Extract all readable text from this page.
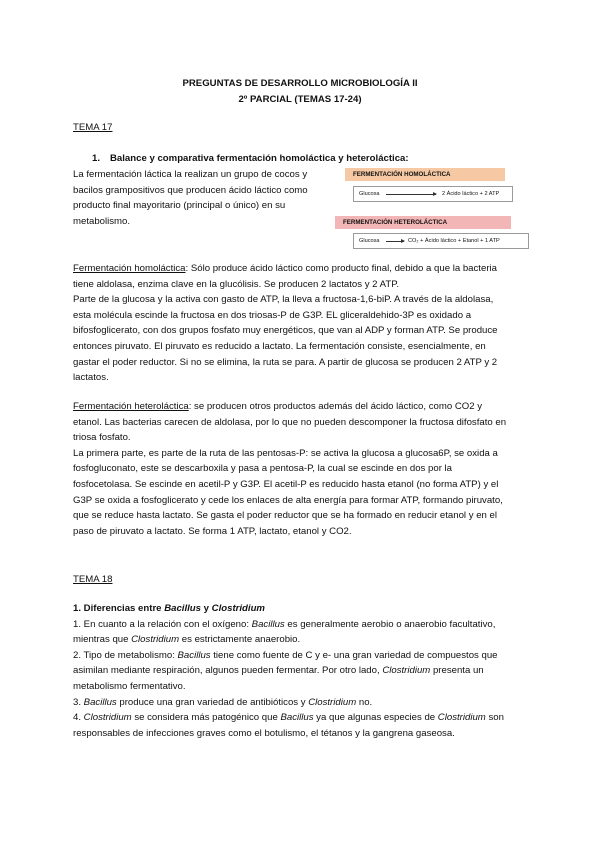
PREGUNTAS DE DESARROLLO MICROBIOLOGÍA II
2º PARCIAL (TEMAS 17-24)
TEMA 17
1. Balance y comparativa fermentación homoláctica y heteroláctica:
La fermentación láctica la realizan un grupo de cocos y
bacilos grampositivos que producen ácido láctico como
producto final mayoritario (principal o único) en su
metabolismo.
FERMENTACIÓN HOMOLÁCTICA
Glucosa	2 Ácido láctico + 2 ATP
FERMENTACIÓN HETEROLÁCTICA
Glucosa	CO₂ + Ácido láctico + Etanol + 1 ATP
Fermentación homoláctica: Sólo produce ácido láctico como producto final, debido a que la bacteria
tiene aldolasa, enzima clave en la glucólisis. Se producen 2 lactatos y 2 ATP.
Parte de la glucosa y la activa con gasto de ATP, la lleva a fructosa-1,6-biP. A través de la aldolasa,
esta molécula escinde la fructosa en dos triosas-P de G3P. EL gliceraldehido-3P es oxidado a
bifosfoglicerato, con dos grupos fosfato muy energéticos, que van al ADP y forman ATP. Se produce
entonces piruvato. El piruvato es reducido a lactato. La fermentación consiste, esencialmente, en
gastar el poder reductor. Si no se elimina, la ruta se para. A partir de glucosa se producen 2 ATP y 2
lactatos.
Fermentación heteroláctica: se producen otros productos además del ácido láctico, como CO2 y
etanol. Las bacterias carecen de aldolasa, por lo que no pueden descomponer la fructosa difosfato en
triosa fosfato.
La primera parte, es parte de la ruta de las pentosas-P: se activa la glucosa a glucosa6P, se oxida a
fosfogluconato, este se descarboxila y pasa a pentosa-P, la cual se escinde en dos por la
fosfocetolasa. Se escinde en acetil-P y G3P. El acetil-P es reducido hasta etanol (no forma ATP) y el
G3P se oxida a fosfoglicerato y cede los enlaces de alta energía para formar ATP, formando piruvato,
que se reduce hasta lactato. Se gasta el poder reductor que se ha formado en reducir etanol y en el
paso de piruvato a lactato. Se forma 1 ATP, lactato, etanol y CO2.
TEMA 18
1. Diferencias entre Bacillus y Clostridium
1. En cuanto a la relación con el oxígeno: Bacillus es generalmente aerobio o anaerobio facultativo,
mientras que Clostridium es estrictamente anaerobio.
2. Tipo de metabolismo: Bacillus tiene como fuente de C y e- una gran variedad de compuestos que
asimilan mediante respiración, algunos pueden fermentar. Por otro lado, Clostridium presenta un
metabolismo fermentativo.
3. Bacillus produce una gran variedad de antibióticos y Clostridium no.
4. Clostridium se considera más patogénico que Bacillus ya que algunas especies de Clostridium son
responsables de infecciones graves como el botulismo, el tétanos y la gangrena gaseosa.
